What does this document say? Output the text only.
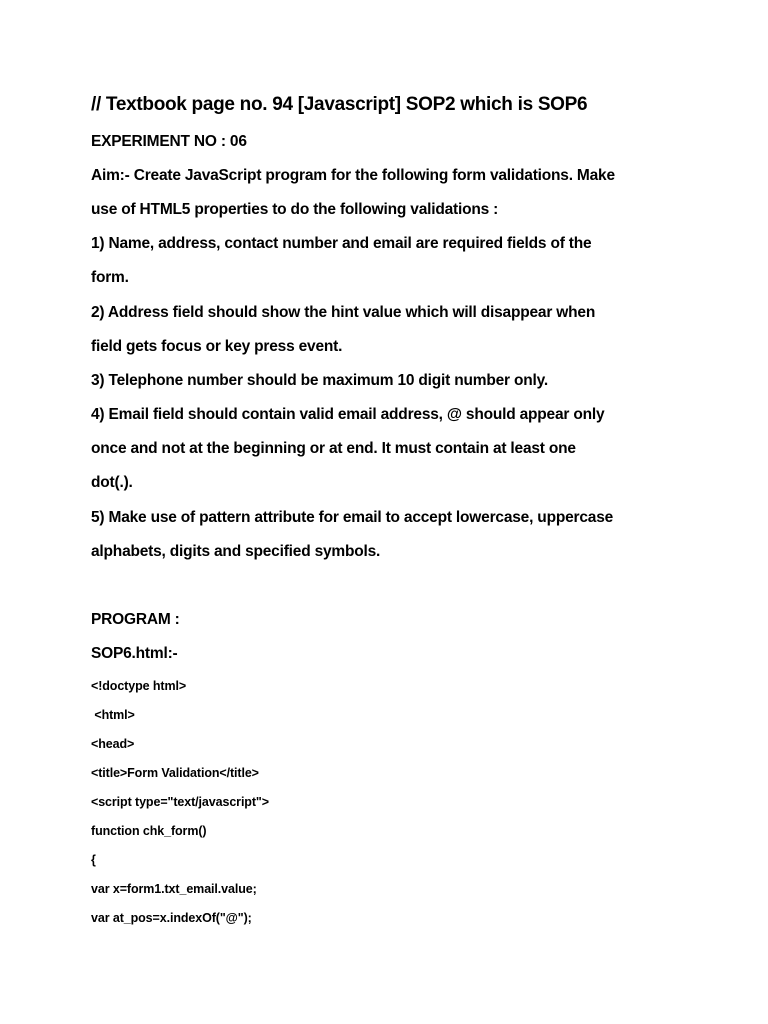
// Textbook page no. 94 [Javascript] SOP2 which is SOP6
EXPERIMENT NO : 06
Aim:- Create JavaScript program for the following form validations. Make
use of HTML5 properties to do the following validations :
1) Name, address, contact number and email are required fields of the
form.
2) Address field should show the hint value which will disappear when
field gets focus or key press event.
3) Telephone number should be maximum 10 digit number only.
4) Email field should contain valid email address, @ should appear only
once and not at the beginning or at end. It must contain at least one
dot(.).
5) Make use of pattern attribute for email to accept lowercase, uppercase
alphabets, digits and specified symbols.
PROGRAM :
SOP6.html:-
<!doctype html>
<html>
<head>
<title>Form Validation</title>
<script type="text/javascript">
function chk_form()
{
var x=form1.txt_email.value;
var at_pos=x.indexOf("@");
